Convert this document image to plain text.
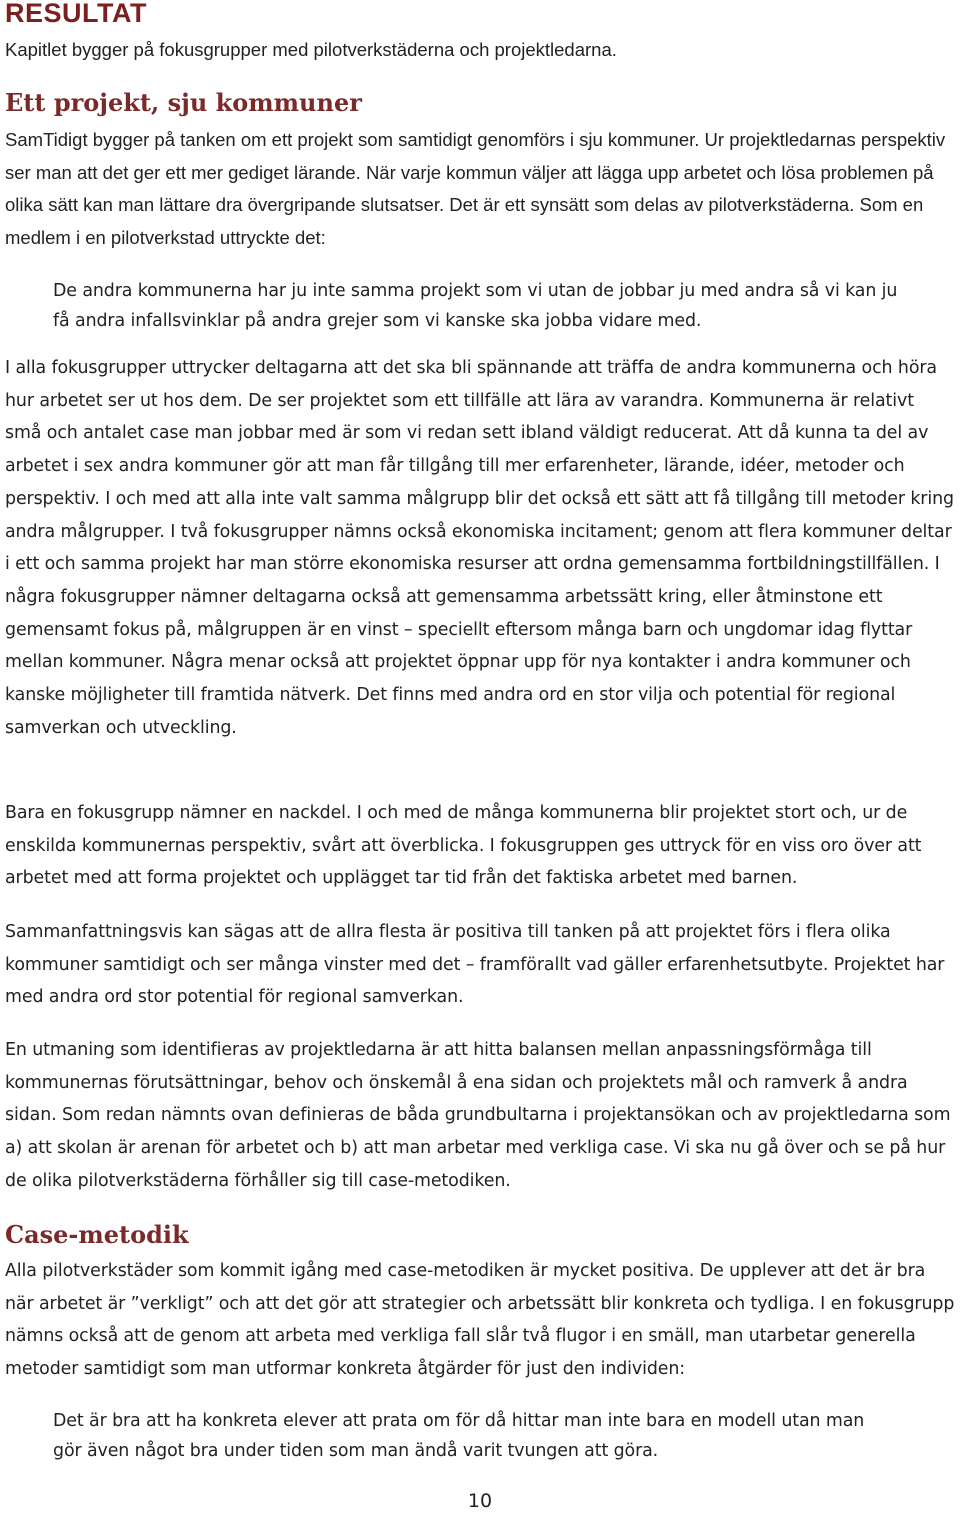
RESULTAT

Kapitlet bygger på fokusgrupper med pilotverkstäderna och projektledarna.

Ett projekt, sju kommuner

SamTidigt bygger på tanken om ett projekt som samtidigt genomförs i sju kommuner. Ur projektledarnas perspektiv ser man att det ger ett mer gediget lärande. När varje kommun väljer att lägga upp arbetet och lösa problemen på olika sätt kan man lättare dra övergripande slutsatser. Det är ett synsätt som delas av pilotverkstäderna. Som en medlem i en pilotverkstad uttryckte det:

De andra kommunerna har ju inte samma projekt som vi utan de jobbar ju med andra så vi kan ju få andra infallsvinklar på andra grejer som vi kanske ska jobba vidare med.

I alla fokusgrupper uttrycker deltagarna att det ska bli spännande att träffa de andra kommunerna och höra hur arbetet ser ut hos dem. De ser projektet som ett tillfälle att lära av varandra. Kommunerna är relativt små och antalet case man jobbar med är som vi redan sett ibland väldigt reducerat. Att då kunna ta del av arbetet i sex andra kommuner gör att man får tillgång till mer erfarenheter, lärande, idéer, metoder och perspektiv. I och med att alla inte valt samma målgrupp blir det också ett sätt att få tillgång till metoder kring andra målgrupper. I två fokusgrupper nämns också ekonomiska incitament; genom att flera kommuner deltar i ett och samma projekt har man större ekonomiska resurser att ordna gemensamma fortbildningstillfällen. I några fokusgrupper nämner deltagarna också att gemensamma arbetssätt kring, eller åtminstone ett gemensamt fokus på, målgruppen är en vinst – speciellt eftersom många barn och ungdomar idag flyttar mellan kommuner. Några menar också att projektet öppnar upp för nya kontakter i andra kommuner och kanske möjligheter till framtida nätverk. Det finns med andra ord en stor vilja och potential för regional samverkan och utveckling.

Bara en fokusgrupp nämner en nackdel. I och med de många kommunerna blir projektet stort och, ur de enskilda kommunernas perspektiv, svårt att överblicka. I fokusgruppen ges uttryck för en viss oro över att arbetet med att forma projektet och upplägget tar tid från det faktiska arbetet med barnen.

Sammanfattningsvis kan sägas att de allra flesta är positiva till tanken på att projektet förs i flera olika kommuner samtidigt och ser många vinster med det – framförallt vad gäller erfarenhetsutbyte. Projektet har med andra ord stor potential för regional samverkan.

En utmaning som identifieras av projektledarna är att hitta balansen mellan anpassningsförmåga till kommunernas förutsättningar, behov och önskemål å ena sidan och projektets mål och ramverk å andra sidan. Som redan nämnts ovan definieras de båda grundbultarna i projektansökan och av projektledarna som a) att skolan är arenan för arbetet och b) att man arbetar med verkliga case. Vi ska nu gå över och se på hur de olika pilotverkstäderna förhåller sig till case-metodiken.

Case-metodik

Alla pilotverkstäder som kommit igång med case-metodiken är mycket positiva. De upplever att det är bra när arbetet är ”verkligt” och att det gör att strategier och arbetssätt blir konkreta och tydliga. I en fokusgrupp nämns också att de genom att arbeta med verkliga fall slår två flugor i en smäll, man utarbetar generella metoder samtidigt som man utformar konkreta åtgärder för just den individen:

Det är bra att ha konkreta elever att prata om för då hittar man inte bara en modell utan man gör även något bra under tiden som man ändå varit tvungen att göra.

10
